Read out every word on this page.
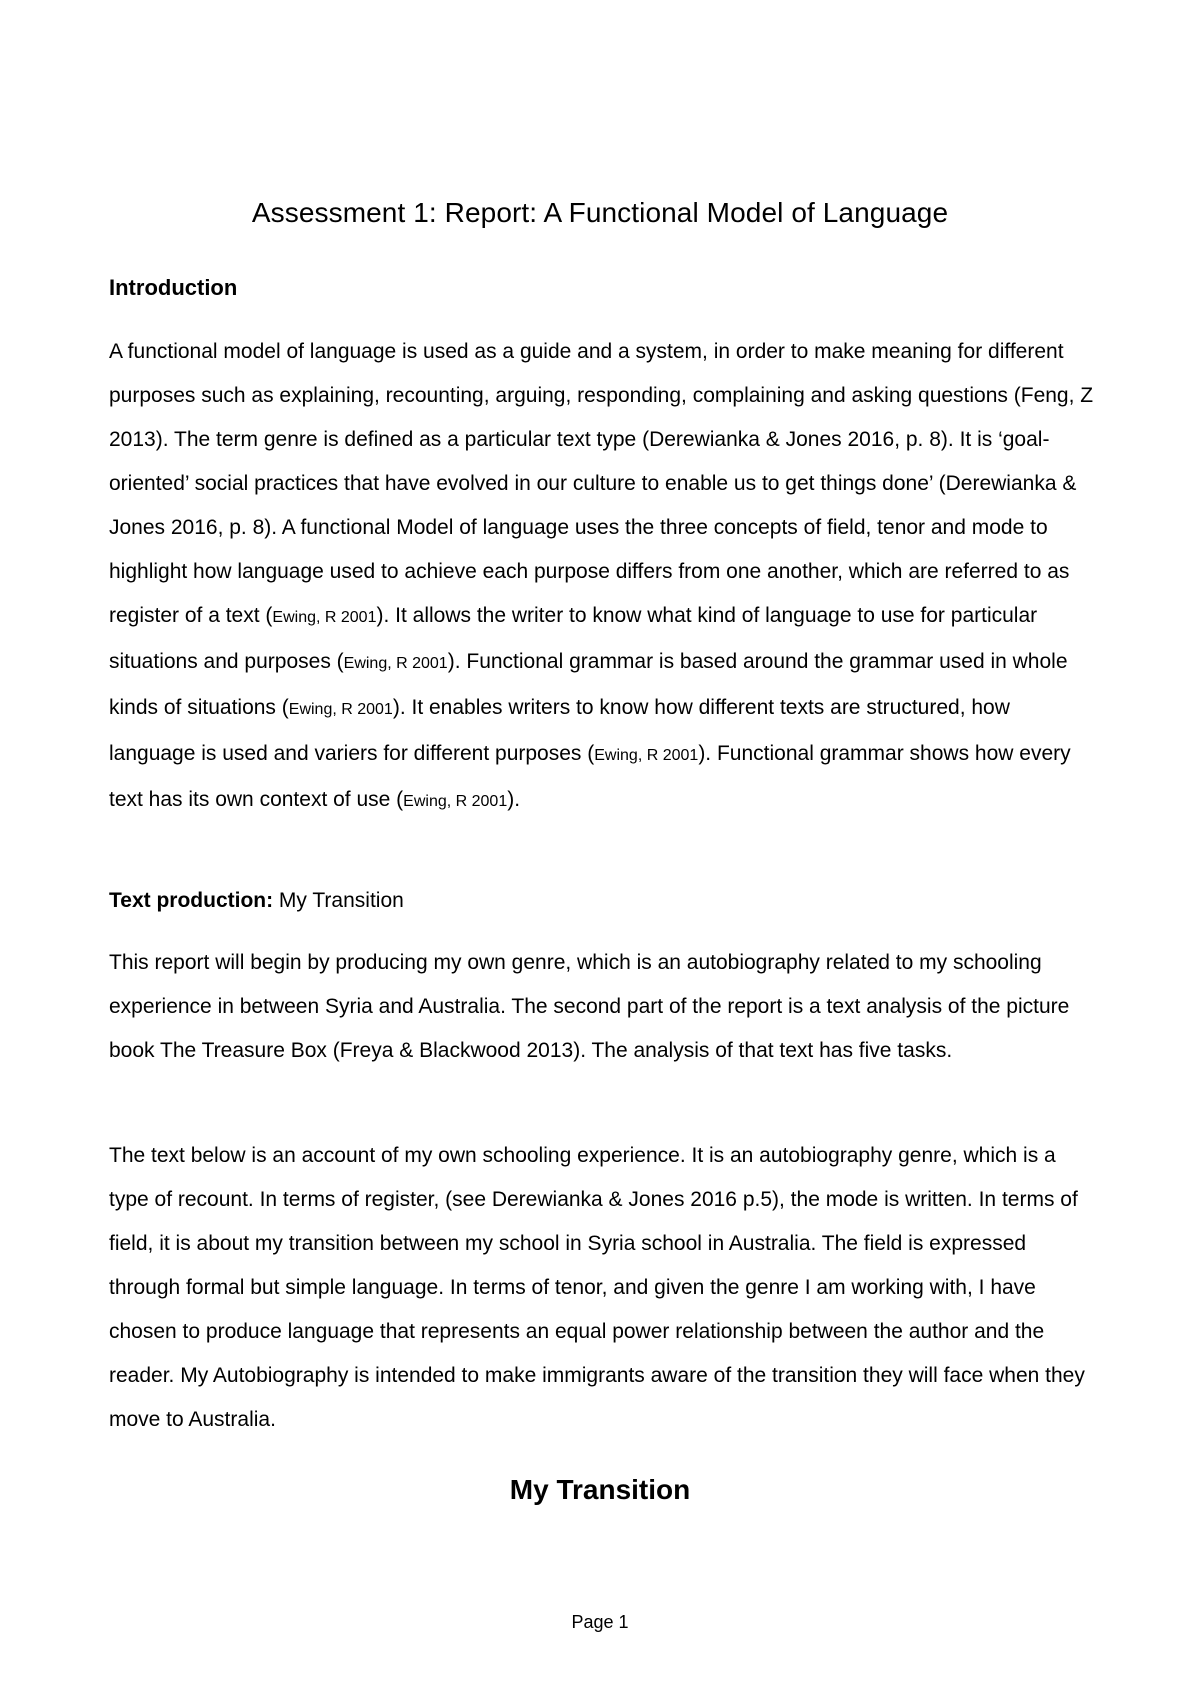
Assessment 1: Report: A Functional Model of Language
Introduction

A functional model of language is used as a guide and a system, in order to make meaning for different purposes such as explaining, recounting, arguing, responding, complaining and asking questions (Feng, Z 2013). The term genre is defined as a particular text type (Derewianka & Jones 2016, p. 8). It is ‘goal-oriented’ social practices that have evolved in our culture to enable us to get things done’ (Derewianka & Jones 2016, p. 8). A functional Model of language uses the three concepts of field, tenor and mode to highlight how language used to achieve each purpose differs from one another, which are referred to as register of a text (Ewing, R 2001). It allows the writer to know what kind of language to use for particular situations and purposes (Ewing, R 2001). Functional grammar is based around the grammar used in whole kinds of situations (Ewing, R 2001). It enables writers to know how different texts are structured, how language is used and variers for different purposes (Ewing, R 2001). Functional grammar shows how every text has its own context of use (Ewing, R 2001).

Text production: My Transition

This report will begin by producing my own genre, which is an autobiography related to my schooling experience in between Syria and Australia. The second part of the report is a text analysis of the picture book The Treasure Box (Freya & Blackwood 2013). The analysis of that text has five tasks.

The text below is an account of my own schooling experience. It is an autobiography genre, which is a type of recount. In terms of register, (see Derewianka & Jones 2016 p.5), the mode is written. In terms of field, it is about my transition between my school in Syria school in Australia. The field is expressed through formal but simple language. In terms of tenor, and given the genre I am working with, I have chosen to produce language that represents an equal power relationship between the author and the reader. My Autobiography is intended to make immigrants aware of the transition they will face when they move to Australia.

My Transition
Page 1
